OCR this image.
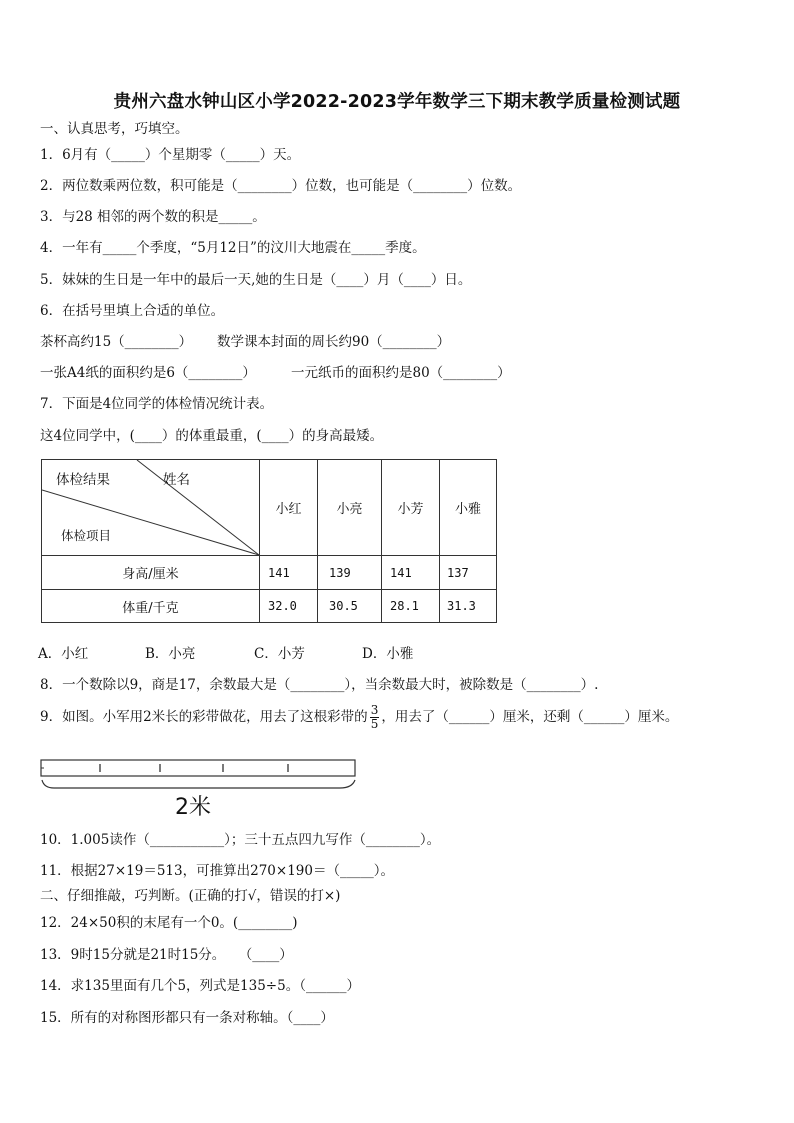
贵州六盘水钟山区小学2022-2023学年数学三下期末教学质量检测试题
一、认真思考，巧填空。
1．6月有（_____）个星期零（_____）天。
2．两位数乘两位数，积可能是（________）位数，也可能是（________）位数。
3．与28 相邻的两个数的积是_____。
4．一年有_____个季度，“5月12日”的汶川大地震在_____季度。
5．妹妹的生日是一年中的最后一天,她的生日是（____）月（____）日。
6．在括号里填上合适的单位。
茶杯高约15（________） 数学课本封面的周长约90（________）
一张A4纸的面积约是6（________）	一元纸币的面积约是80（________）
7．下面是4位同学的体检情况统计表。
这4位同学中，(____）的体重最重，(____）的身高最矮。
体检结果 姓名
体检项目	小红	小亮	小芳	小雅
身高/厘米	141	139	141	137
体重/千克	32.0	30.5	28.1	31.3
A．小红	B．小亮	C．小芳	D．小雅
8．一个数除以9，商是17，余数最大是（________），当余数最大时，被除数是（________）.
9．如图。小军用2米长的彩带做花，用去了这根彩带的 $\frac{3}{5}$ ，用去了（______）厘米，还剩（______）厘米。
2米
10．1.005读作（___________）；三十五点四九写作（________）。
11．根据27×19＝513，可推算出270×190＝（_____）。
二、仔细推敲，巧判断。(正确的打√，错误的打×)
12．24×50积的末尾有一个0。(________)
13．9时15分就是21时15分。　　（____）
14．求135里面有几个5，列式是135÷5。（______）
15．所有的对称图形都只有一条对称轴。（____）
